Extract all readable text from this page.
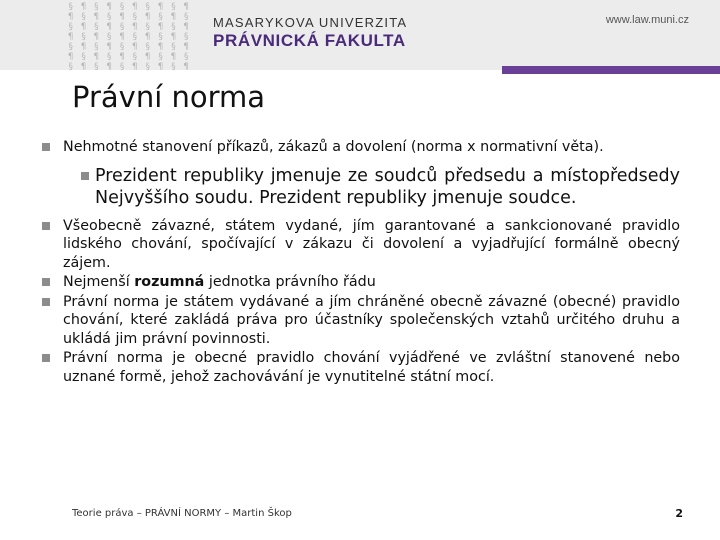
§ ¶ § ¶ § ¶ § ¶ § ¶
¶ § ¶ § ¶ § ¶ § ¶ §
§ ¶ § ¶ § ¶ § ¶ § ¶
¶ § ¶ § ¶ § ¶ § ¶ §
§ ¶ § ¶ § ¶ § ¶ § ¶
¶ § ¶ § ¶ § ¶ § ¶ §
§ ¶ § ¶ § ¶ § ¶ § ¶
MASARYKOVA UNIVERZITA
PRÁVNICKÁ FAKULTA
www.law.muni.cz
Právní norma
Nehmotné stanovení příkazů, zákazů a dovolení (norma x normativní věta).
Prezident republiky jmenuje ze soudců předsedu a místopředsedy Nejvyššího soudu. Prezident republiky jmenuje soudce.
Všeobecně závazné, státem vydané, jím garantované a sankcionované pravidlo lidského chování, spočívající v zákazu či dovolení a vyjadřující formálně obecný zájem.
Nejmenší rozumná jednotka právního řádu
Právní norma je státem vydávané a jím chráněné obecně závazné (obecné) pravidlo chování, které zakládá práva pro účastníky společenských vztahů určitého druhu a ukládá jim právní povinnosti.
Právní norma je obecné pravidlo chování vyjádřené ve zvláštní stanovené nebo uznané formě, jehož zachovávání je vynutitelné státní mocí.
Teorie práva – PRÁVNÍ NORMY – Martin Škop	2
